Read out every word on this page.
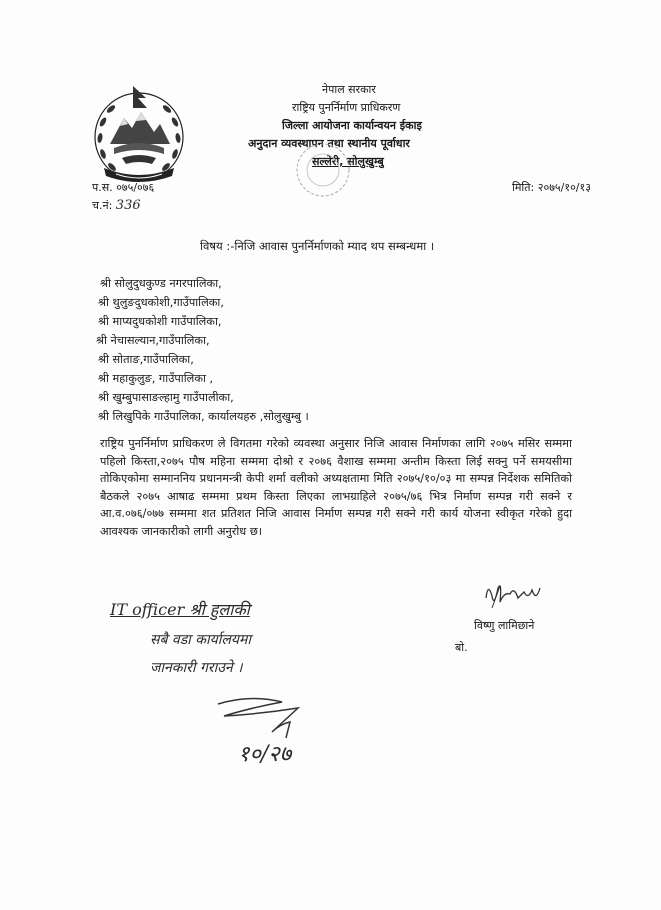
नेपाल सरकार
राष्ट्रिय पुनर्निर्माण प्राधिकरण
जिल्ला आयोजना कार्यान्वयन ईकाइ
अनुदान व्यवस्थापन तथा स्थानीय पूर्वाधार
सल्लेरी, सोलुखुम्बु
प.स. ०७५/०७६
च.नं: 336
मिति: २०७५/१०/१३
विषय :-निजि आवास पुनर्निर्माणको म्याद थप सम्बन्धमा ।
श्री सोलुदुधकुण्ड नगरपालिका,
श्री थुलुङदुधकोशी,गाउँपालिका,
श्री माप्यदुधकोशी गाउँपालिका,
श्री नेचासल्यान,गाउँपालिका,
श्री सोताङ,गाउँपालिका,
श्री महाकुलुङ, गाउँपालिका ,
श्री खुम्बुपासाङल्हामु गाउँपालीका,
श्री लिखुपिके गाउँपालिका, कार्यालयहरु ,सोलुखुम्बु ।
राष्ट्रिय पुनर्निर्माण प्राधिकरण ले विगतमा गरेको व्यवस्था अनुसार निजि आवास निर्माणका लागि २०७५ मसिर सम्ममा पहिलो किस्ता,२०७५ पौष महिना सम्ममा दोश्रो र २०७६ वैशाख सम्ममा अन्तीम किस्ता लिई सक्नु पर्ने समयसीमा तोकिएकोमा सम्माननिय प्रधानमन्त्री केपी शर्मा वलीको अध्यक्षतामा मिति २०७५/१०/०३ मा सम्पन्न निर्देशक समितिको बैठकले २०७५ आषाढ सम्ममा प्रथम किस्ता लिएका लाभग्राहिले २०७५/७६ भित्र निर्माण सम्पन्न गरी सक्ने र आ.व.०७६/०७७ सम्ममा शत प्रतिशत निजि आवास निर्माण सम्पन्न गरी सक्ने गरी कार्य योजना स्वीकृत गरेको हुदा आवश्यक जानकारीको लागी अनुरोध छ।
विष्णु लामिछाने
बो.
IT officer श्री हुलाकी
सबै वडा कार्यालयमा
जानकारी गराउने ।
१०/२७
